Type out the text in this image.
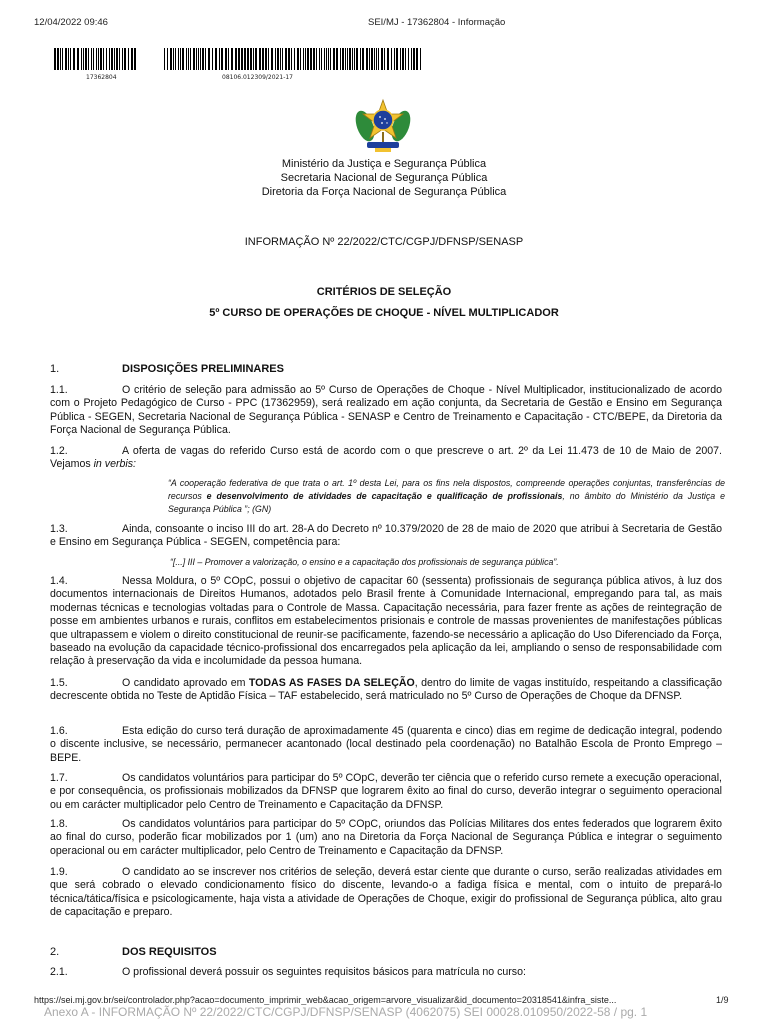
12/04/2022 09:46	SEI/MJ - 17362804 - Informação
17362804	08106.012309/2021-17
Ministério da Justiça e Segurança Pública
Secretaria Nacional de Segurança Pública
Diretoria da Força Nacional de Segurança Pública
INFORMAÇÃO Nº 22/2022/CTC/CGPJ/DFNSP/SENASP
CRITÉRIOS DE SELEÇÃO
5º CURSO DE OPERAÇÕES DE CHOQUE - NÍVEL MULTIPLICADOR
1.	DISPOSIÇÕES PRELIMINARES
1.1.	O critério de seleção para admissão ao 5º Curso de Operações de Choque - Nível Multiplicador, institucionalizado de acordo com o Projeto Pedagógico de Curso - PPC (17362959), será realizado em ação conjunta, da Secretaria de Gestão e Ensino em Segurança Pública - SEGEN, Secretaria Nacional de Segurança Pública - SENASP e Centro de Treinamento e Capacitação - CTC/BEPE, da Diretoria da Força Nacional de Segurança Pública.
1.2.	A oferta de vagas do referido Curso está de acordo com o que prescreve o art. 2º da Lei 11.473 de 10 de Maio de 2007. Vejamos in verbis:
“A cooperação federativa de que trata o art. 1º desta Lei, para os fins nela dispostos, compreende operações conjuntas, transferências de recursos e desenvolvimento de atividades de capacitação e qualificação de profissionais, no âmbito do Ministério da Justiça e Segurança Pública ”; (GN)
1.3.	Ainda, consoante o inciso III do art. 28-A do Decreto nº 10.379/2020 de 28 de maio de 2020 que atribui à Secretaria de Gestão e Ensino em Segurança Pública - SEGEN, competência para:
“[...] III – Promover a valorização, o ensino e a capacitação dos profissionais de segurança pública”.
1.4.	Nessa Moldura, o 5º COpC, possui o objetivo de capacitar 60 (sessenta) profissionais de segurança pública ativos, à luz dos documentos internacionais de Direitos Humanos, adotados pelo Brasil frente à Comunidade Internacional, empregando para tal, as mais modernas técnicas e tecnologias voltadas para o Controle de Massa. Capacitação necessária, para fazer frente as ações de reintegração de posse em ambientes urbanos e rurais, conflitos em estabelecimentos prisionais e controle de massas provenientes de manifestações públicas que ultrapassem e violem o direito constitucional de reunir-se pacificamente, fazendo-se necessário a aplicação do Uso Diferenciado da Força, baseado na evolução da capacidade técnico-profissional dos encarregados pela aplicação da lei, ampliando o senso de responsabilidade com relação à preservação da vida e incolumidade da pessoa humana.
1.5.	O candidato aprovado em TODAS AS FASES DA SELEÇÃO, dentro do limite de vagas instituído, respeitando a classificação decrescente obtida no Teste de Aptidão Física – TAF estabelecido, será matriculado no 5º Curso de Operações de Choque da DFNSP.
1.6.	Esta edição do curso terá duração de aproximadamente 45 (quarenta e cinco) dias em regime de dedicação integral, podendo o discente inclusive, se necessário, permanecer acantonado (local destinado pela coordenação) no Batalhão Escola de Pronto Emprego – BEPE.
1.7.	Os candidatos voluntários para participar do 5º COpC, deverão ter ciência que o referido curso remete a execução operacional, e por consequência, os profissionais mobilizados da DFNSP que lograrem êxito ao final do curso, deverão integrar o seguimento operacional ou em carácter multiplicador pelo Centro de Treinamento e Capacitação da DFNSP.
1.8.	Os candidatos voluntários para participar do 5º COpC, oriundos das Polícias Militares dos entes federados que lograrem êxito ao final do curso, poderão ficar mobilizados por 1 (um) ano na Diretoria da Força Nacional de Segurança Pública e integrar o seguimento operacional ou em carácter multiplicador, pelo Centro de Treinamento e Capacitação da DFNSP.
1.9.	O candidato ao se inscrever nos critérios de seleção, deverá estar ciente que durante o curso, serão realizadas atividades em que será cobrado o elevado condicionamento físico do discente, levando-o a fadiga física e mental, com o intuito de prepará-lo técnica/tática/física e psicologicamente, haja vista a atividade de Operações de Choque, exigir do profissional de Segurança pública, alto grau de capacitação e preparo.
2.	DOS REQUISITOS
2.1.	O profissional deverá possuir os seguintes requisitos básicos para matrícula no curso:
https://sei.mj.gov.br/sei/controlador.php?acao=documento_imprimir_web&acao_origem=arvore_visualizar&id_documento=20318541&infra_siste...	1/9
Anexo A - INFORMAÇÃO Nº 22/2022/CTC/CGPJ/DFNSP/SENASP (4062075) SEI 00028.010950/2022-58 / pg. 1
